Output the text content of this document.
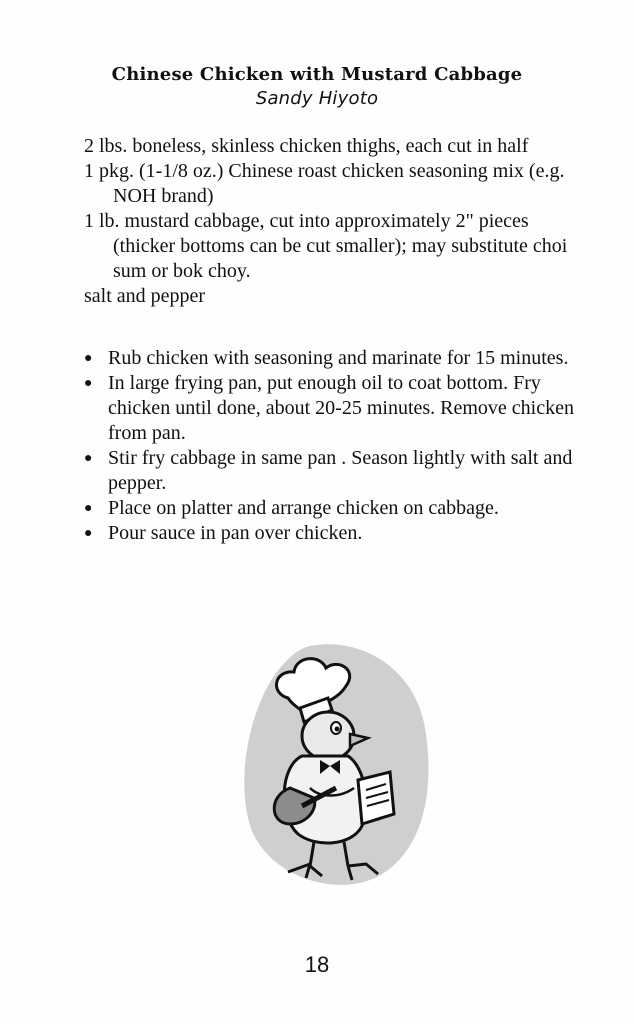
Chinese Chicken with Mustard Cabbage
Sandy Hiyoto
2 lbs. boneless, skinless chicken thighs, each cut in half
1 pkg. (1-1/8 oz.) Chinese roast chicken seasoning mix (e.g. NOH brand)
1 lb. mustard cabbage, cut into approximately 2" pieces (thicker bottoms can be cut smaller); may substitute choi sum or bok choy.
salt and pepper
● Rub chicken with seasoning and marinate for 15 minutes.
● In large frying pan, put enough oil to coat bottom. Fry chicken until done, about 20-25 minutes. Remove chicken from pan.
● Stir fry cabbage in same pan . Season lightly with salt and pepper.
● Place on platter and arrange chicken on cabbage.
● Pour sauce in pan over chicken.
18
